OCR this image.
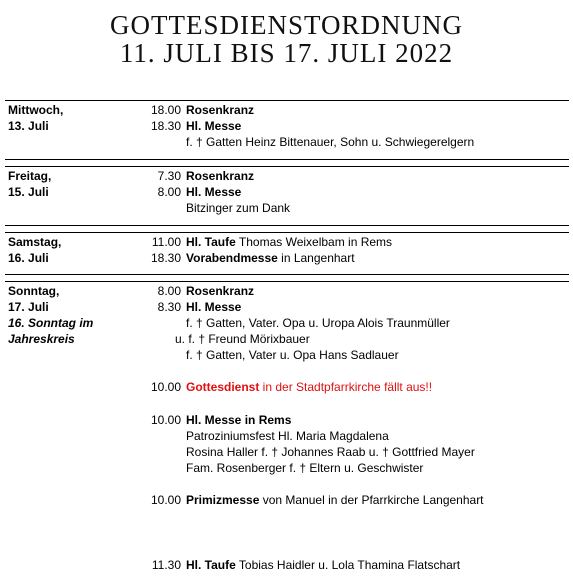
GOTTESDIENSTORDNUNG
11. JULI BIS 17. JULI 2022
Mittwoch,
13. Juli
18.00 Rosenkranz
18.30 Hl. Messe
f. † Gatten Heinz Bittenauer, Sohn u. Schwiegerelgern
Freitag,
15. Juli
7.30 Rosenkranz
8.00 Hl. Messe
Bitzinger zum Dank
Samstag,
16. Juli
11.00 Hl. Taufe Thomas Weixelbam in Rems
18.30 Vorabendmesse in Langenhart
Sonntag,
17. Juli
16. Sonntag im
Jahreskreis
8.00 Rosenkranz
8.30 Hl. Messe
f. † Gatten, Vater. Opa u. Uropa Alois Traunmüller
u. f. † Freund Mörixbauer
f. † Gatten, Vater u. Opa Hans Sadlauer
10.00 Gottesdienst in der Stadtpfarrkirche fällt aus!!
10.00 Hl. Messe in Rems
Patroziniumsfest Hl. Maria Magdalena
Rosina Haller f. † Johannes Raab u. † Gottfried Mayer
Fam. Rosenberger f. † Eltern u. Geschwister
10.00 Primizmesse von Manuel in der Pfarrkirche Langenhart
11.30 Hl. Taufe Tobias Haidler u. Lola Thamina Flatschart
